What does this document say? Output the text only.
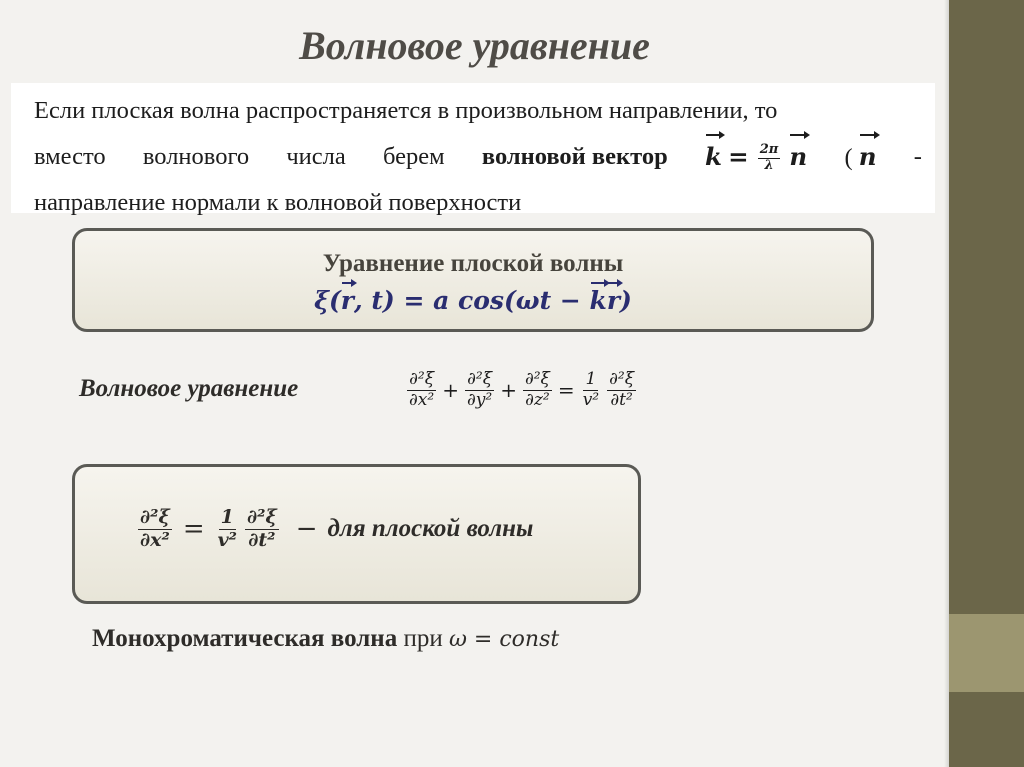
Волновое уравнение
Если плоская волна распространяется в произвольном направлении, то
вместо волнового числа берем волновой вектор $k = \frac{2\pi}{\lambda}$ n ( n -
направление нормали к волновой поверхности
Уравнение плоской волны
ξ(r, t) = a cos(ωt − kr)
Волновое уравнение	$\frac{\text{∂²ξ}}{\text{∂x²}} + \frac{\text{∂²ξ}}{\text{∂y²}} + \frac{\text{∂²ξ}}{\text{∂z²}} = \frac{1}{\text{v²}} \frac{\text{∂²ξ}}{\text{∂t²}}$
$\frac{\text{∂²ξ}}{\text{∂x²}} = \frac{1}{\text{v²}} \frac{\text{∂²ξ}}{\text{∂t²}}$ − для плоской волны
Монохроматическая волна при ω = const
